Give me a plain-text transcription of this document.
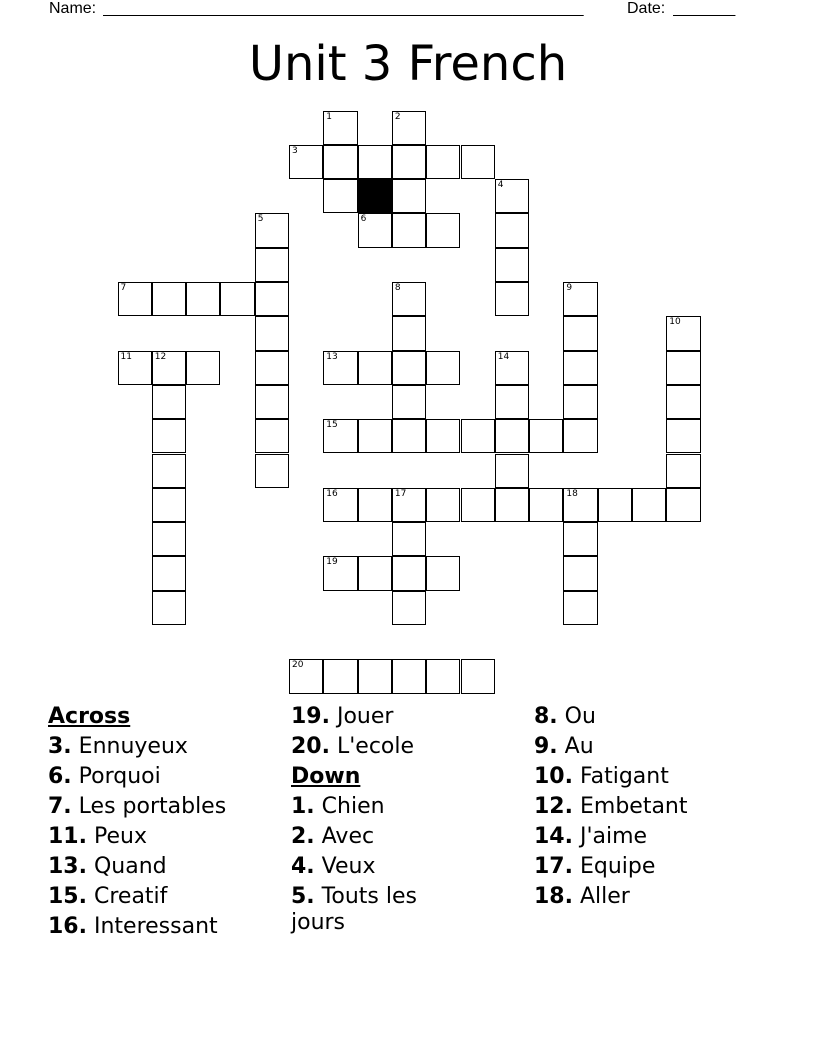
Name: ______________________________________________________	Date: _______
Unit 3 French
1	2
3
4
5	6
7	8	9
10
11	12	13	14
15
16	17	18
19
20
Across
3. Ennuyeux
6. Porquoi
7. Les portables
11. Peux
13. Quand
15. Creatif
16. Interessant
19. Jouer
20. L'ecole
Down
1. Chien
2. Avec
4. Veux
5. Touts les jours
8. Ou
9. Au
10. Fatigant
12. Embetant
14. J'aime
17. Equipe
18. Aller
